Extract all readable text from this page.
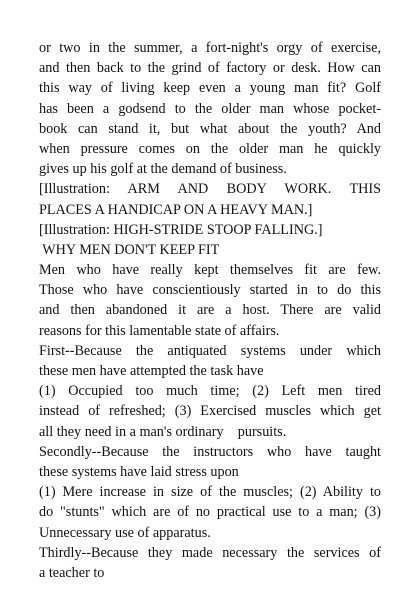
or two in the summer, a fort-night's orgy of exercise,
and then back to the grind of factory or desk. How can
this way of living keep even a young man fit? Golf
has been a godsend to the older man whose pocket-
book can stand it, but what about the youth? And
when pressure comes on the older man he quickly
gives up his golf at the demand of business.
[Illustration: ARM AND BODY WORK. THIS
PLACES A HANDICAP ON A HEAVY MAN.]
[Illustration: HIGH-STRIDE STOOP FALLING.]
WHY MEN DON'T KEEP FIT
Men who have really kept themselves fit are few.
Those who have conscientiously started in to do this
and then abandoned it are a host. There are valid
reasons for this lamentable state of affairs.
First--Because the antiquated systems under which
these men have attempted the task have
(1) Occupied too much time; (2) Left men tired
instead of refreshed; (3) Exercised muscles which get
all they need in a man's ordinary    pursuits.
Secondly--Because the instructors who have taught
these systems have laid stress upon
(1) Mere increase in size of the muscles; (2) Ability to
do "stunts" which are of no practical use to a man; (3)
Unnecessary use of apparatus.
Thirdly--Because they made necessary the services of
a teacher to
